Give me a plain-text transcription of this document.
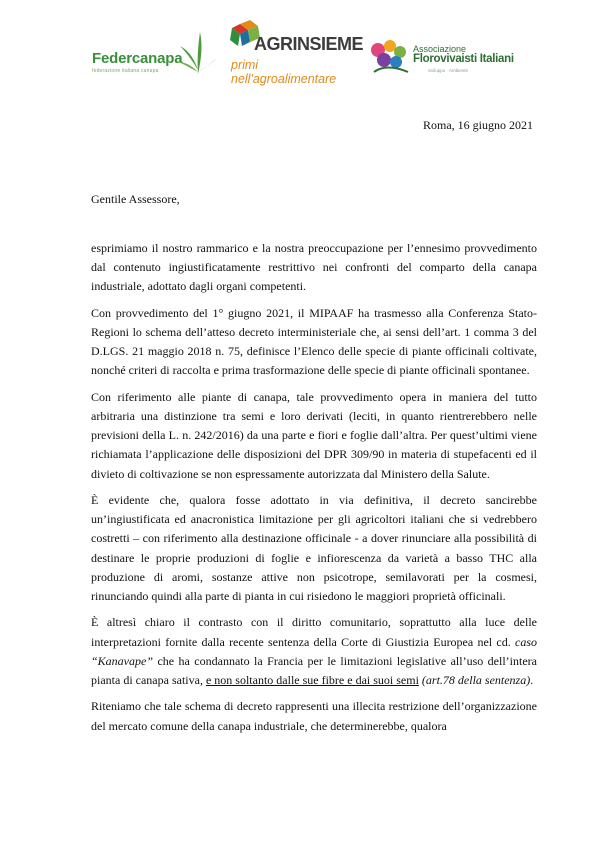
Federcanapa
federazione italiana canapa
AGRINSIEME
primi nell'agroalimentare
Associazione
Florovivaisti Italiani
Sviluppo · Ambiente
Roma, 16 giugno 2021
Gentile Assessore,

esprimiamo il nostro rammarico e la nostra preoccupazione per l’ennesimo provvedimento dal contenuto ingiustificatamente restrittivo nei confronti del comparto della canapa industriale, adottato dagli organi competenti.

Con provvedimento del 1° giugno 2021, il MIPAAF ha trasmesso alla Conferenza Stato-Regioni lo schema dell’atteso decreto interministeriale che, ai sensi dell’art. 1 comma 3 del D.LGS. 21 maggio 2018 n. 75, definisce l’Elenco delle specie di piante officinali coltivate, nonché criteri di raccolta e prima trasformazione delle specie di piante officinali spontanee.

Con riferimento alle piante di canapa, tale provvedimento opera in maniera del tutto arbitraria una distinzione tra semi e loro derivati (leciti, in quanto rientrerebbero nelle previsioni della L. n. 242/2016) da una parte e fiori e foglie dall’altra. Per quest’ultimi viene richiamata l’applicazione delle disposizioni del DPR 309/90 in materia di stupefacenti ed il divieto di coltivazione se non espressamente autorizzata dal Ministero della Salute.

È evidente che, qualora fosse adottato in via definitiva, il decreto sancirebbe un’ingiustificata ed anacronistica limitazione per gli agricoltori italiani che si vedrebbero costretti – con riferimento alla destinazione officinale - a dover rinunciare alla possibilità di destinare le proprie produzioni di foglie e infiorescenza da varietà a basso THC alla produzione di aromi, sostanze attive non psicotrope, semilavorati per la cosmesi, rinunciando quindi alla parte di pianta in cui risiedono le maggiori proprietà officinali.

È altresì chiaro il contrasto con il diritto comunitario, soprattutto alla luce delle interpretazioni fornite dalla recente sentenza della Corte di Giustizia Europea nel cd. caso “Kanavape” che ha condannato la Francia per le limitazioni legislative all’uso dell’intera pianta di canapa sativa, e non soltanto dalle sue fibre e dai suoi semi (art.78 della sentenza).

Riteniamo che tale schema di decreto rappresenti una illecita restrizione dell’organizzazione del mercato comune della canapa industriale, che determinerebbe, qualora
